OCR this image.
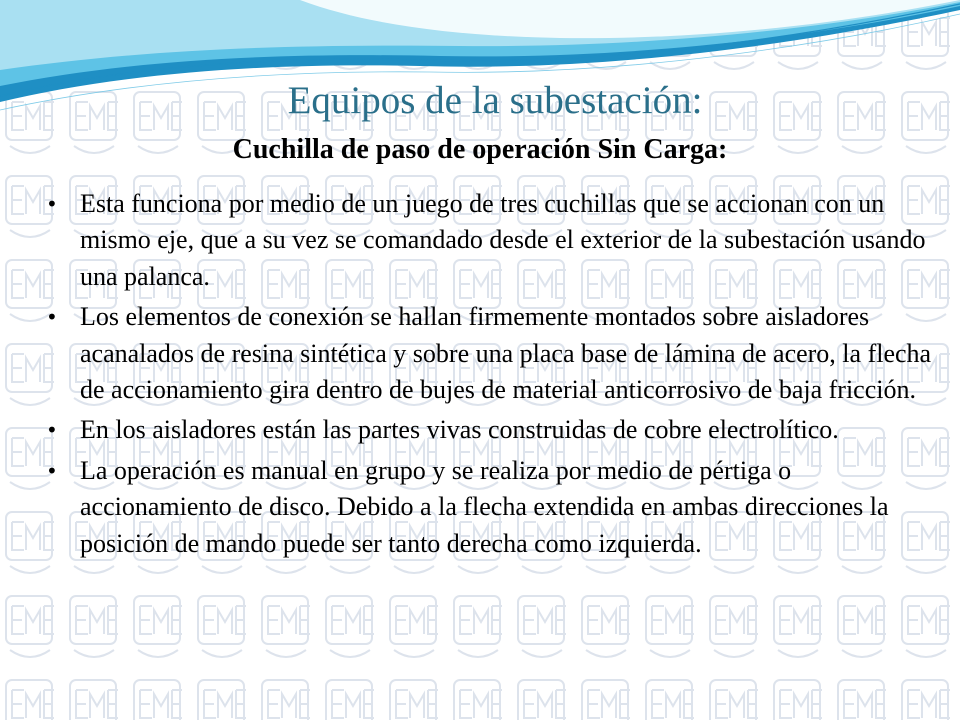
Equipos de la subestación:
Cuchilla de paso de operación Sin Carga:
• Esta funciona por medio de un juego de tres cuchillas que se accionan con un mismo eje, que a su vez se comandado desde el exterior de la subestación usando una palanca.
• Los elementos de conexión se hallan firmemente montados sobre aisladores acanalados de resina sintética y sobre una placa base de lámina de acero, la flecha de accionamiento gira dentro de bujes de material anticorrosivo de baja fricción.
• En los aisladores están las partes vivas construidas de cobre electrolítico.
• La operación es manual en grupo y se realiza por medio de pértiga o accionamiento de disco. Debido a la flecha extendida en ambas direcciones la posición de mando puede ser tanto derecha como izquierda.
